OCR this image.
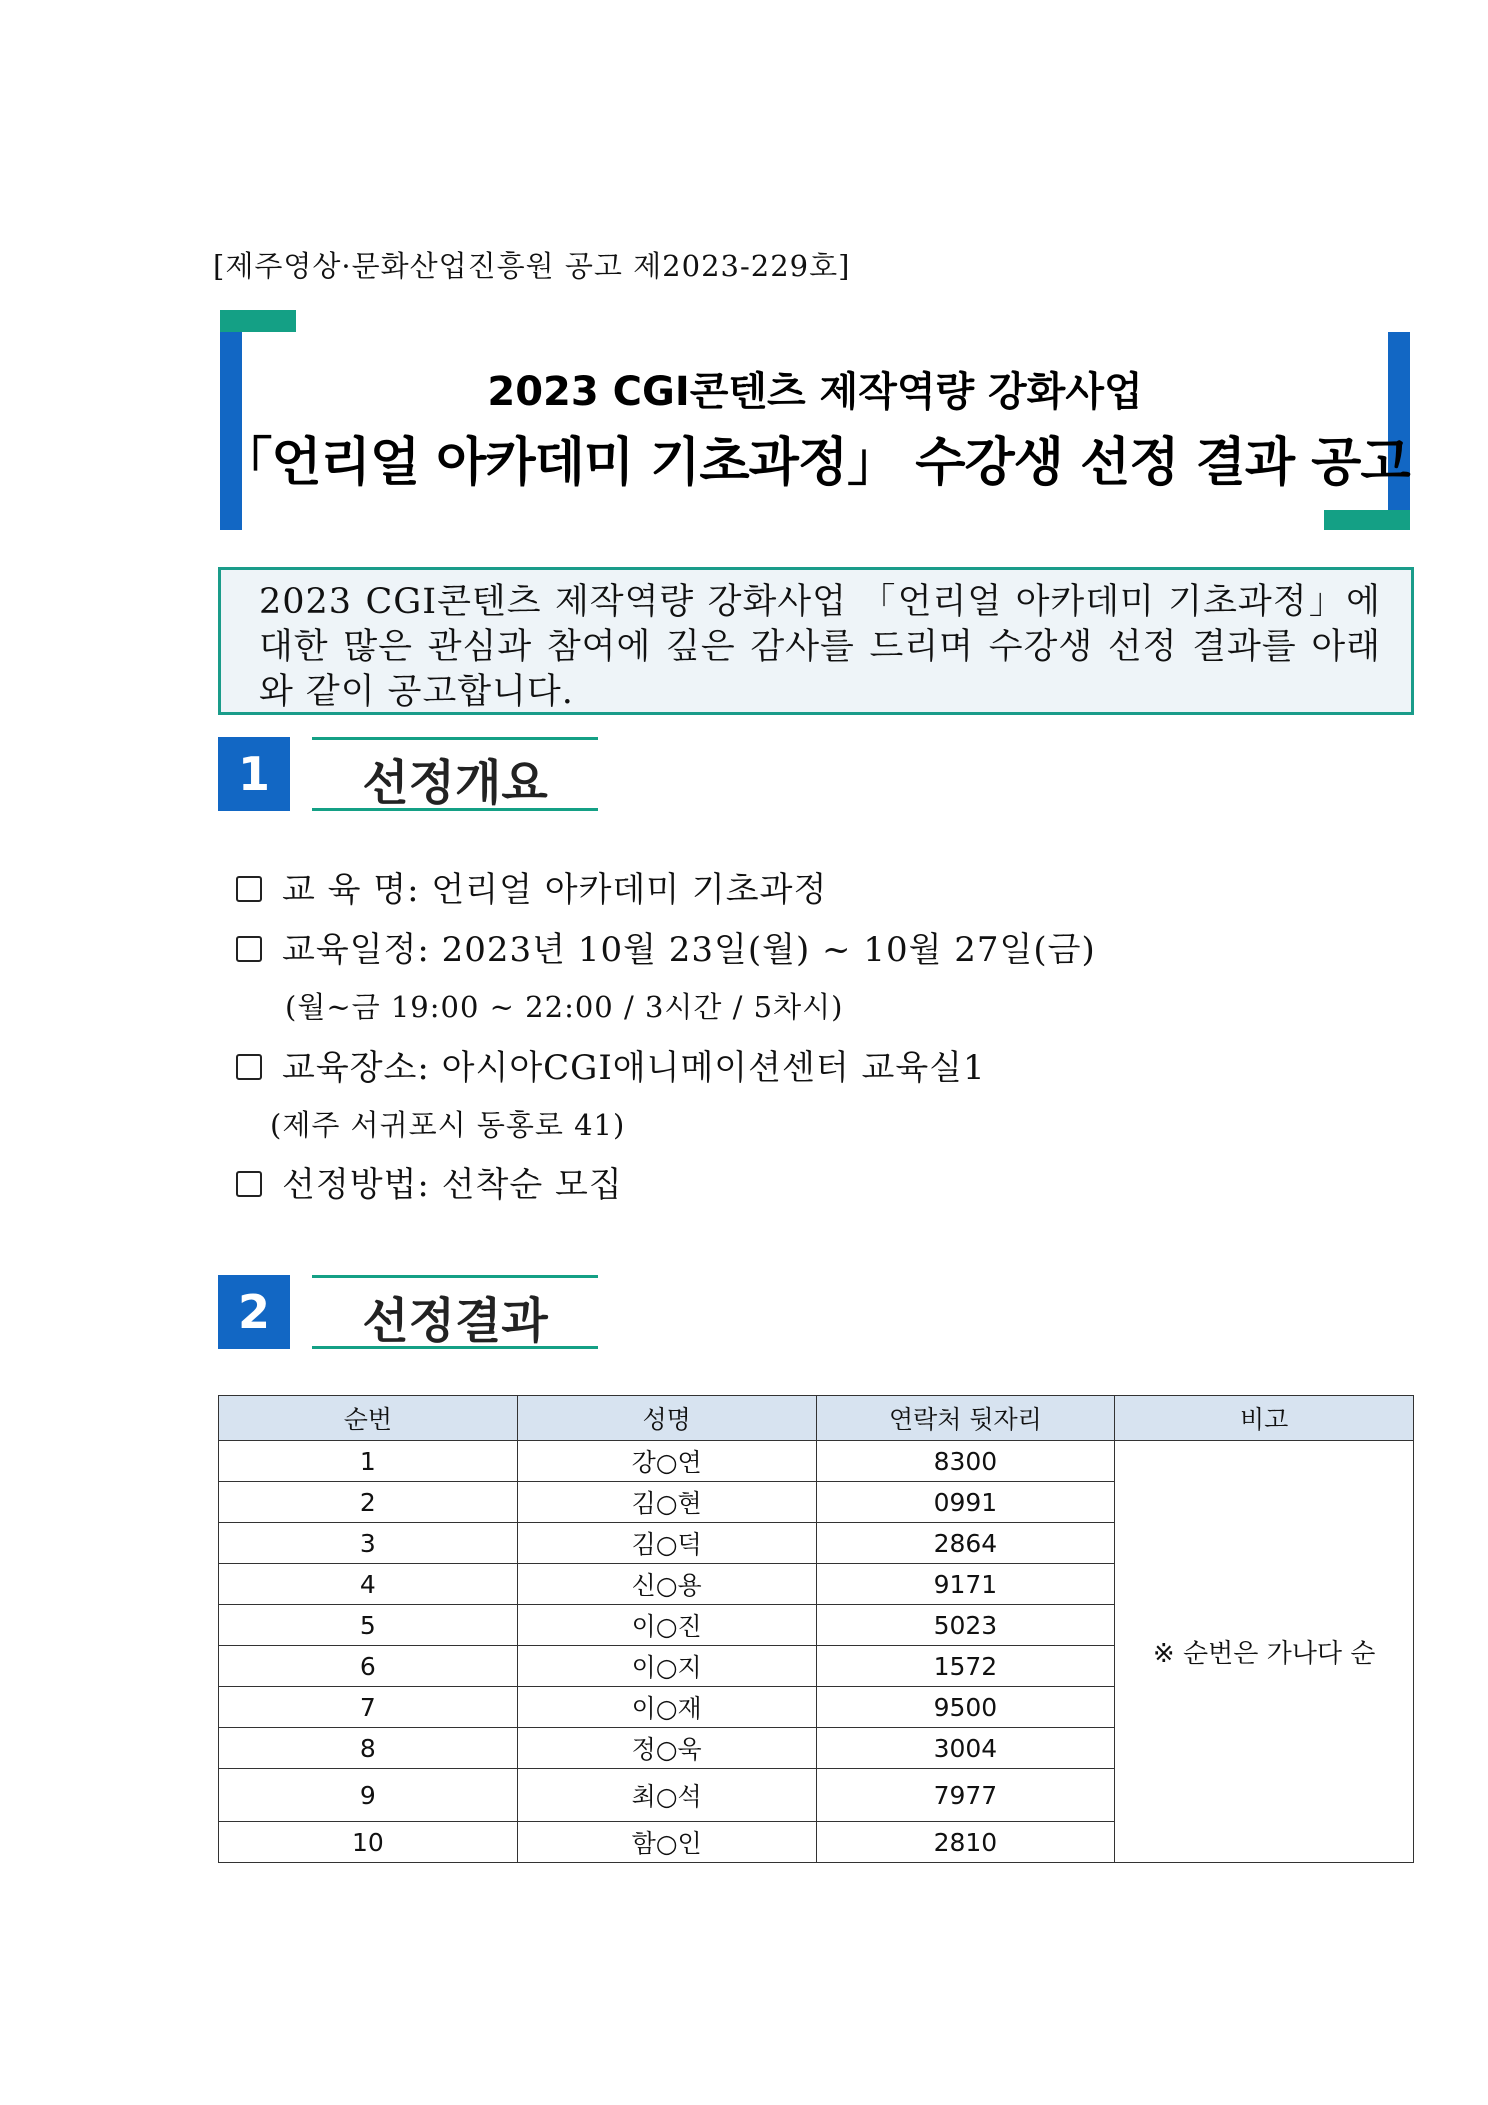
[제주영상·문화산업진흥원 공고 제2023-229호]
2023 CGI콘텐츠 제작역량 강화사업
「언리얼 아카데미 기초과정」 수강생 선정 결과 공고
2023 CGI콘텐츠 제작역량 강화사업 「언리얼 아카데미 기초과정」에 대한 많은 관심과 참여에 깊은 감사를 드리며 수강생 선정 결과를 아래와 같이 공고합니다.
1	선정개요
교 육 명: 언리얼 아카데미 기초과정
교육일정: 2023년 10월 23일(월) ~ 10월 27일(금)
(월~금 19:00 ~ 22:00 / 3시간 / 5차시)
교육장소: 아시아CGI애니메이션센터 교육실1
(제주 서귀포시 동홍로 41)
선정방법: 선착순 모집
2	선정결과
순번	성명	연락처 뒷자리	비고
1	강○연	8300	※ 순번은 가나다 순
2	김○현	0991	
3	김○덕	2864	
4	신○용	9171	
5	이○진	5023	
6	이○지	1572	
7	이○재	9500	
8	정○욱	3004	
9	최○석	7977	
10	함○인	2810	
